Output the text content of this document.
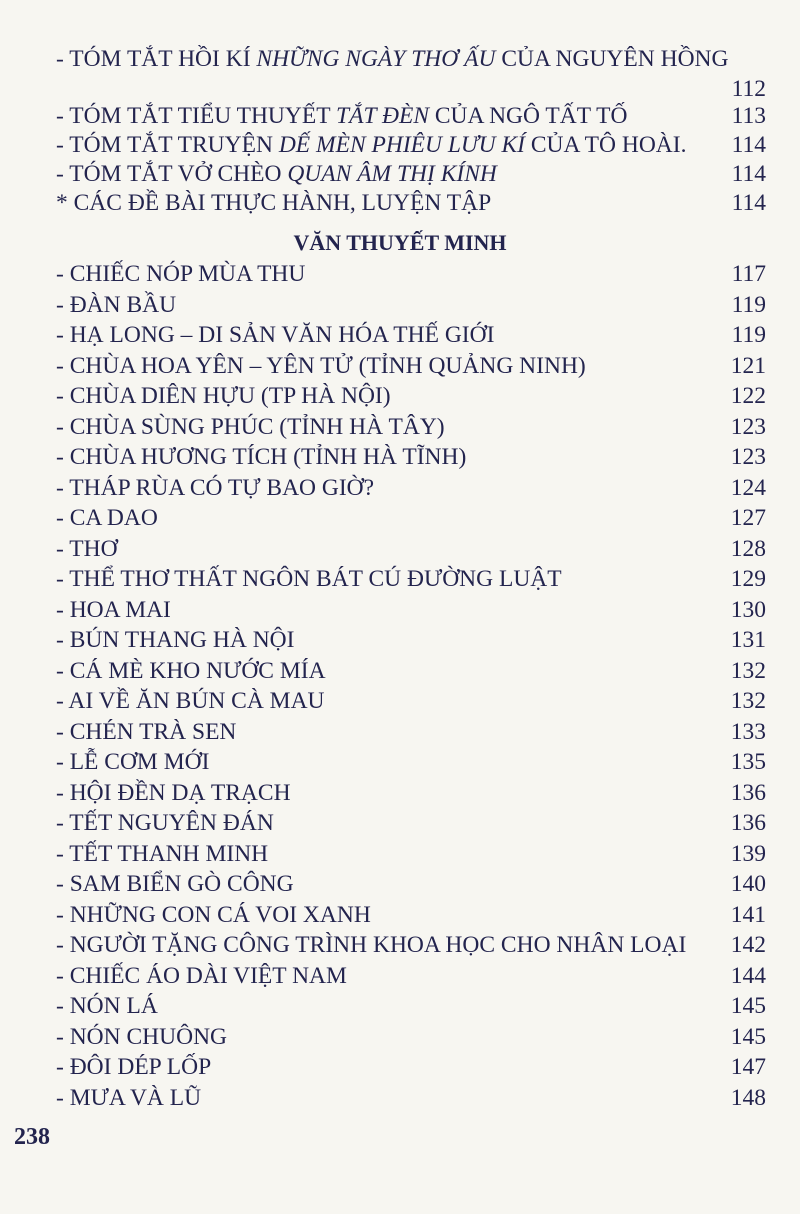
- TÓM TẮT HỒI KÍ NHỮNG NGÀY THƠ ẤU CỦA NGUYÊN HỒNG
112
- TÓM TẮT TIỂU THUYẾT TẮT ĐÈN CỦA NGÔ TẤT TỐ	113
- TÓM TẮT TRUYỆN DẾ MÈN PHIÊU LƯU KÍ CỦA TÔ HOÀI. 114
- TÓM TẮT VỞ CHÈO QUAN ÂM THỊ KÍNH	114
* CÁC ĐỀ BÀI THỰC HÀNH, LUYỆN TẬP	114
VĂN THUYẾT MINH
- CHIẾC NÓP MÙA THU	117
- ĐÀN BẦU	119
- HẠ LONG – DI SẢN VĂN HÓA THẾ GIỚI	119
- CHÙA HOA YÊN – YÊN TỬ (TỈNH QUẢNG NINH)	121
- CHÙA DIÊN HỰU (TP HÀ NỘI)	122
- CHÙA SÙNG PHÚC (TỈNH HÀ TÂY)	123
- CHÙA HƯƠNG TÍCH (TỈNH HÀ TĨNH)	123
- THÁP RÙA CÓ TỰ BAO GIỜ?	124
- CA DAO	127
- THƠ	128
- THỂ THƠ THẤT NGÔN BÁT CÚ ĐƯỜNG LUẬT	129
- HOA MAI	130
- BÚN THANG HÀ NỘI	131
- CÁ MÈ KHO NƯỚC MÍA	132
- AI VỀ ĂN BÚN CÀ MAU	132
- CHÉN TRÀ SEN	133
- LỄ CƠM MỚI	135
- HỘI ĐỀN DẠ TRẠCH	136
- TẾT NGUYÊN ĐÁN	136
- TẾT THANH MINH	139
- SAM BIỂN GÒ CÔNG	140
- NHỮNG CON CÁ VOI XANH	141
- NGƯỜI TẶNG CÔNG TRÌNH KHOA HỌC CHO NHÂN LOẠI 142
- CHIẾC ÁO DÀI VIỆT NAM	144
- NÓN LÁ	145
- NÓN CHUÔNG	145
- ĐÔI DÉP LỐP	147
- MƯA VÀ LŨ	148
238
